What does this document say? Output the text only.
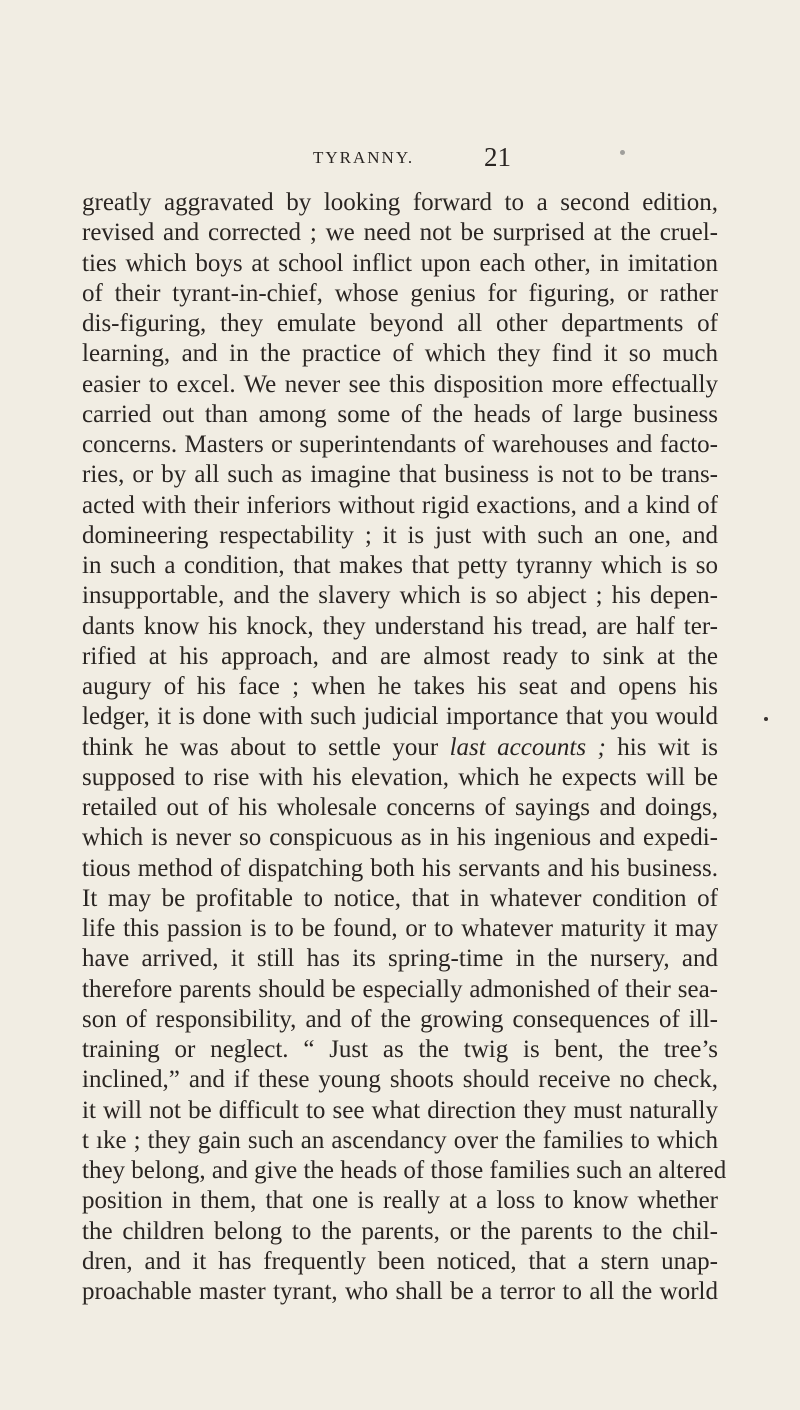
TYRANNY.	21
greatly aggravated by looking forward to a second edition,
revised and corrected ; we need not be surprised at the cruel-
ties which boys at school inflict upon each other, in imitation
of their tyrant-in-chief, whose genius for figuring, or rather
dis-figuring, they emulate beyond all other departments of
learning, and in the practice of which they find it so much
easier to excel. We never see this disposition more effectually
carried out than among some of the heads of large business
concerns. Masters or superintendants of warehouses and facto-
ries, or by all such as imagine that business is not to be trans-
acted with their inferiors without rigid exactions, and a kind of
domineering respectability ; it is just with such an one, and
in such a condition, that makes that petty tyranny which is so
insupportable, and the slavery which is so abject ; his depen-
dants know his knock, they understand his tread, are half ter-
rified at his approach, and are almost ready to sink at the
augury of his face ; when he takes his seat and opens his
ledger, it is done with such judicial importance that you would
think he was about to settle your last accounts ; his wit is
supposed to rise with his elevation, which he expects will be
retailed out of his wholesale concerns of sayings and doings,
which is never so conspicuous as in his ingenious and expedi-
tious method of dispatching both his servants and his business.
It may be profitable to notice, that in whatever condition of
life this passion is to be found, or to whatever maturity it may
have arrived, it still has its spring-time in the nursery, and
therefore parents should be especially admonished of their sea-
son of responsibility, and of the growing consequences of ill-
training or neglect. “ Just as the twig is bent, the tree’s
inclined,” and if these young shoots should receive no check,
it will not be difficult to see what direction they must naturally
t ıke ; they gain such an ascendancy over the families to which
they belong, and give the heads of those families such an altered
position in them, that one is really at a loss to know whether
the children belong to the parents, or the parents to the chil-
dren, and it has frequently been noticed, that a stern unap-
proachable master tyrant, who shall be a terror to all the world
